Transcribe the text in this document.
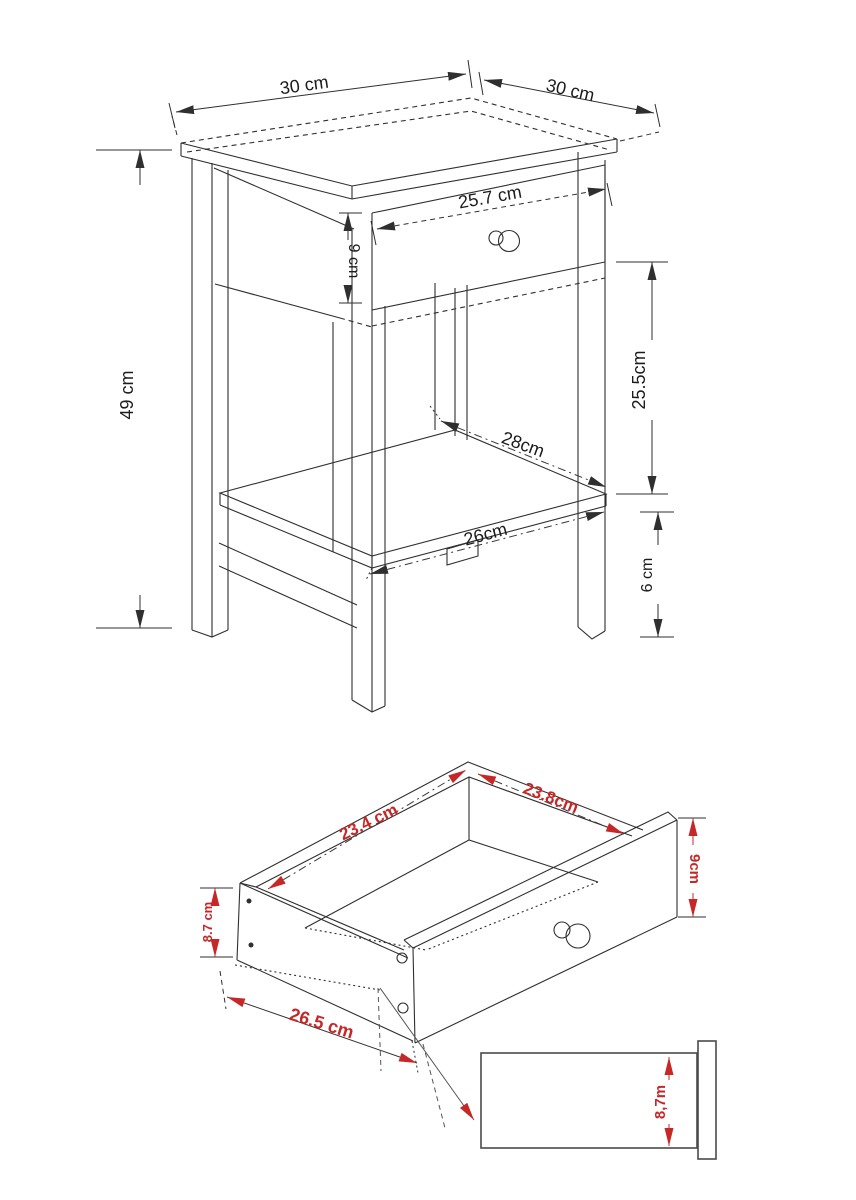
49 cm
30 cm	30 cm
25.7 cm
9 cm
25.5cm
28cm
26cm
6 cm
23.4 cm
23.8cm
8.7 cm
9cm
26.5 cm
8,7m
